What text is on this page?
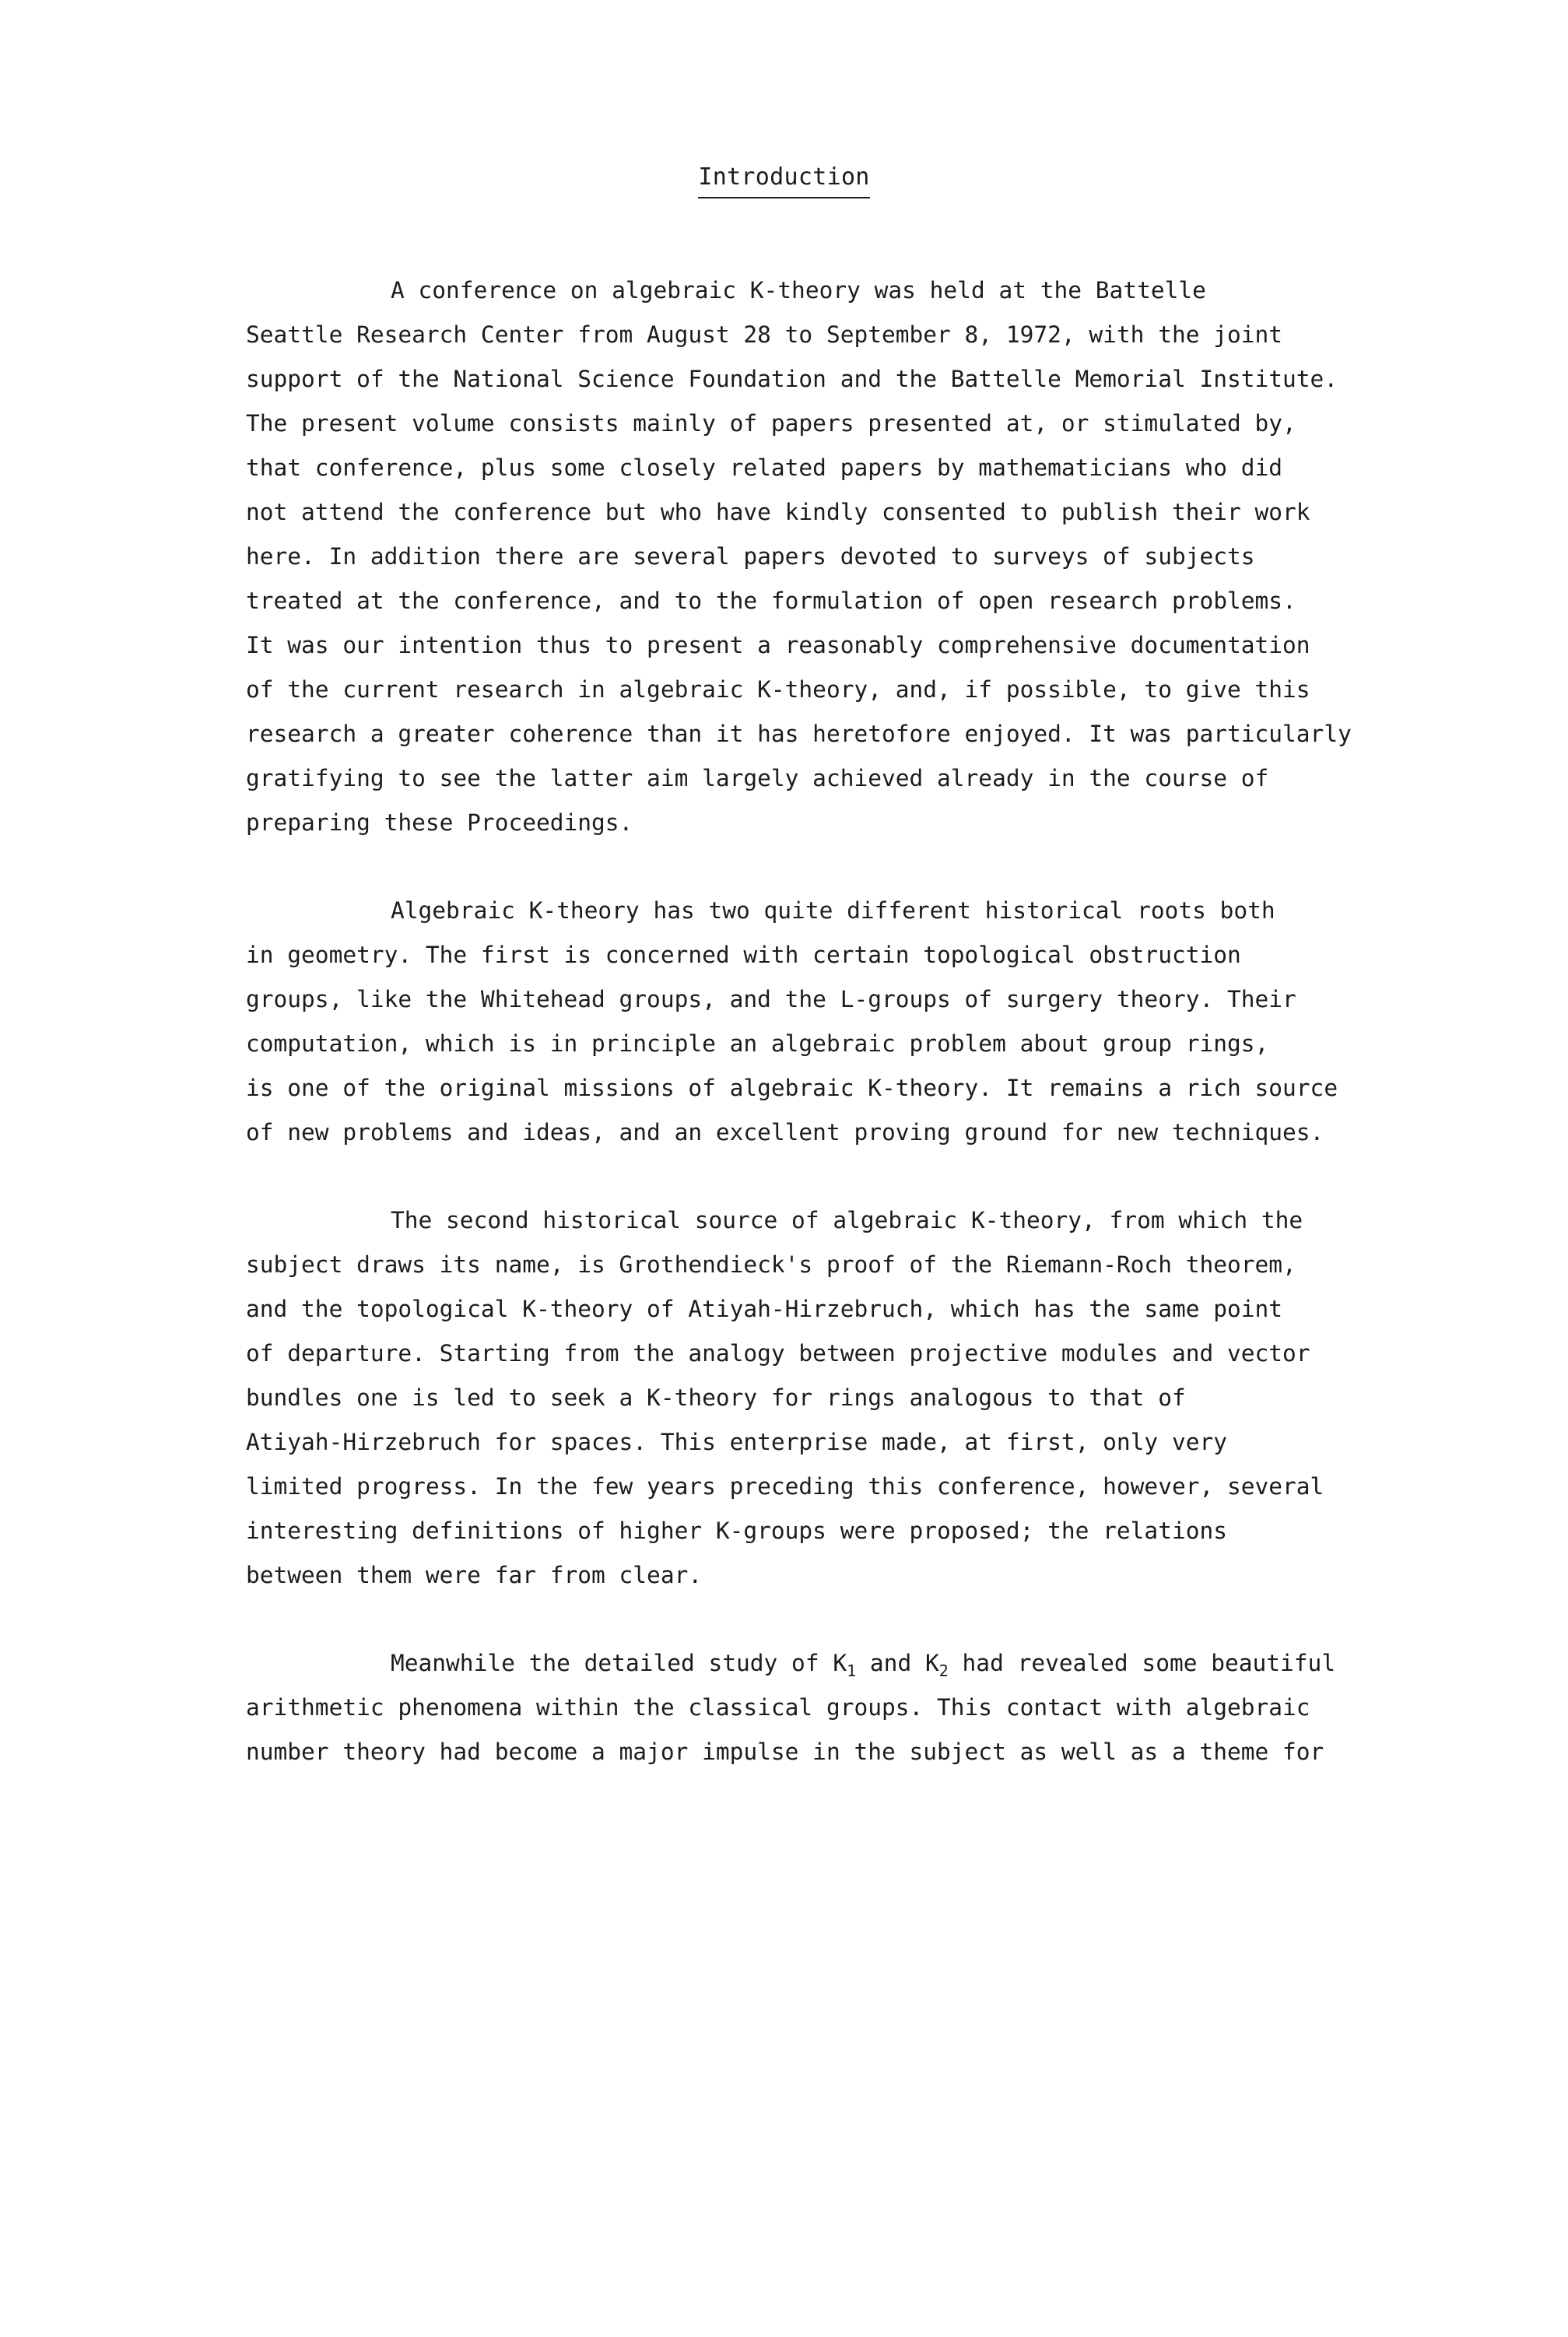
Introduction
A conference on algebraic K-theory was held at the Battelle
Seattle Research Center from August 28 to September 8, 1972, with the joint
support of the National Science Foundation and the Battelle Memorial Institute.
The present volume consists mainly of papers presented at, or stimulated by,
that conference, plus some closely related papers by mathematicians who did
not attend the conference but who have kindly consented to publish their work
here. In addition there are several papers devoted to surveys of subjects
treated at the conference, and to the formulation of open research problems.
It was our intention thus to present a reasonably comprehensive documentation
of the current research in algebraic K-theory, and, if possible, to give this
research a greater coherence than it has heretofore enjoyed. It was particularly
gratifying to see the latter aim largely achieved already in the course of
preparing these Proceedings.
Algebraic K-theory has two quite different historical roots both
in geometry. The first is concerned with certain topological obstruction
groups, like the Whitehead groups, and the L-groups of surgery theory. Their
computation, which is in principle an algebraic problem about group rings,
is one of the original missions of algebraic K-theory. It remains a rich source
of new problems and ideas, and an excellent proving ground for new techniques.
The second historical source of algebraic K-theory, from which the
subject draws its name, is Grothendieck's proof of the Riemann-Roch theorem,
and the topological K-theory of Atiyah-Hirzebruch, which has the same point
of departure. Starting from the analogy between projective modules and vector
bundles one is led to seek a K-theory for rings analogous to that of
Atiyah-Hirzebruch for spaces. This enterprise made, at first, only very
limited progress. In the few years preceding this conference, however, several
interesting definitions of higher K-groups were proposed; the relations
between them were far from clear.
Meanwhile the detailed study of $K_1$ and $K_2$ had revealed some beautiful
arithmetic phenomena within the classical groups. This contact with algebraic
number theory had become a major impulse in the subject as well as a theme for
